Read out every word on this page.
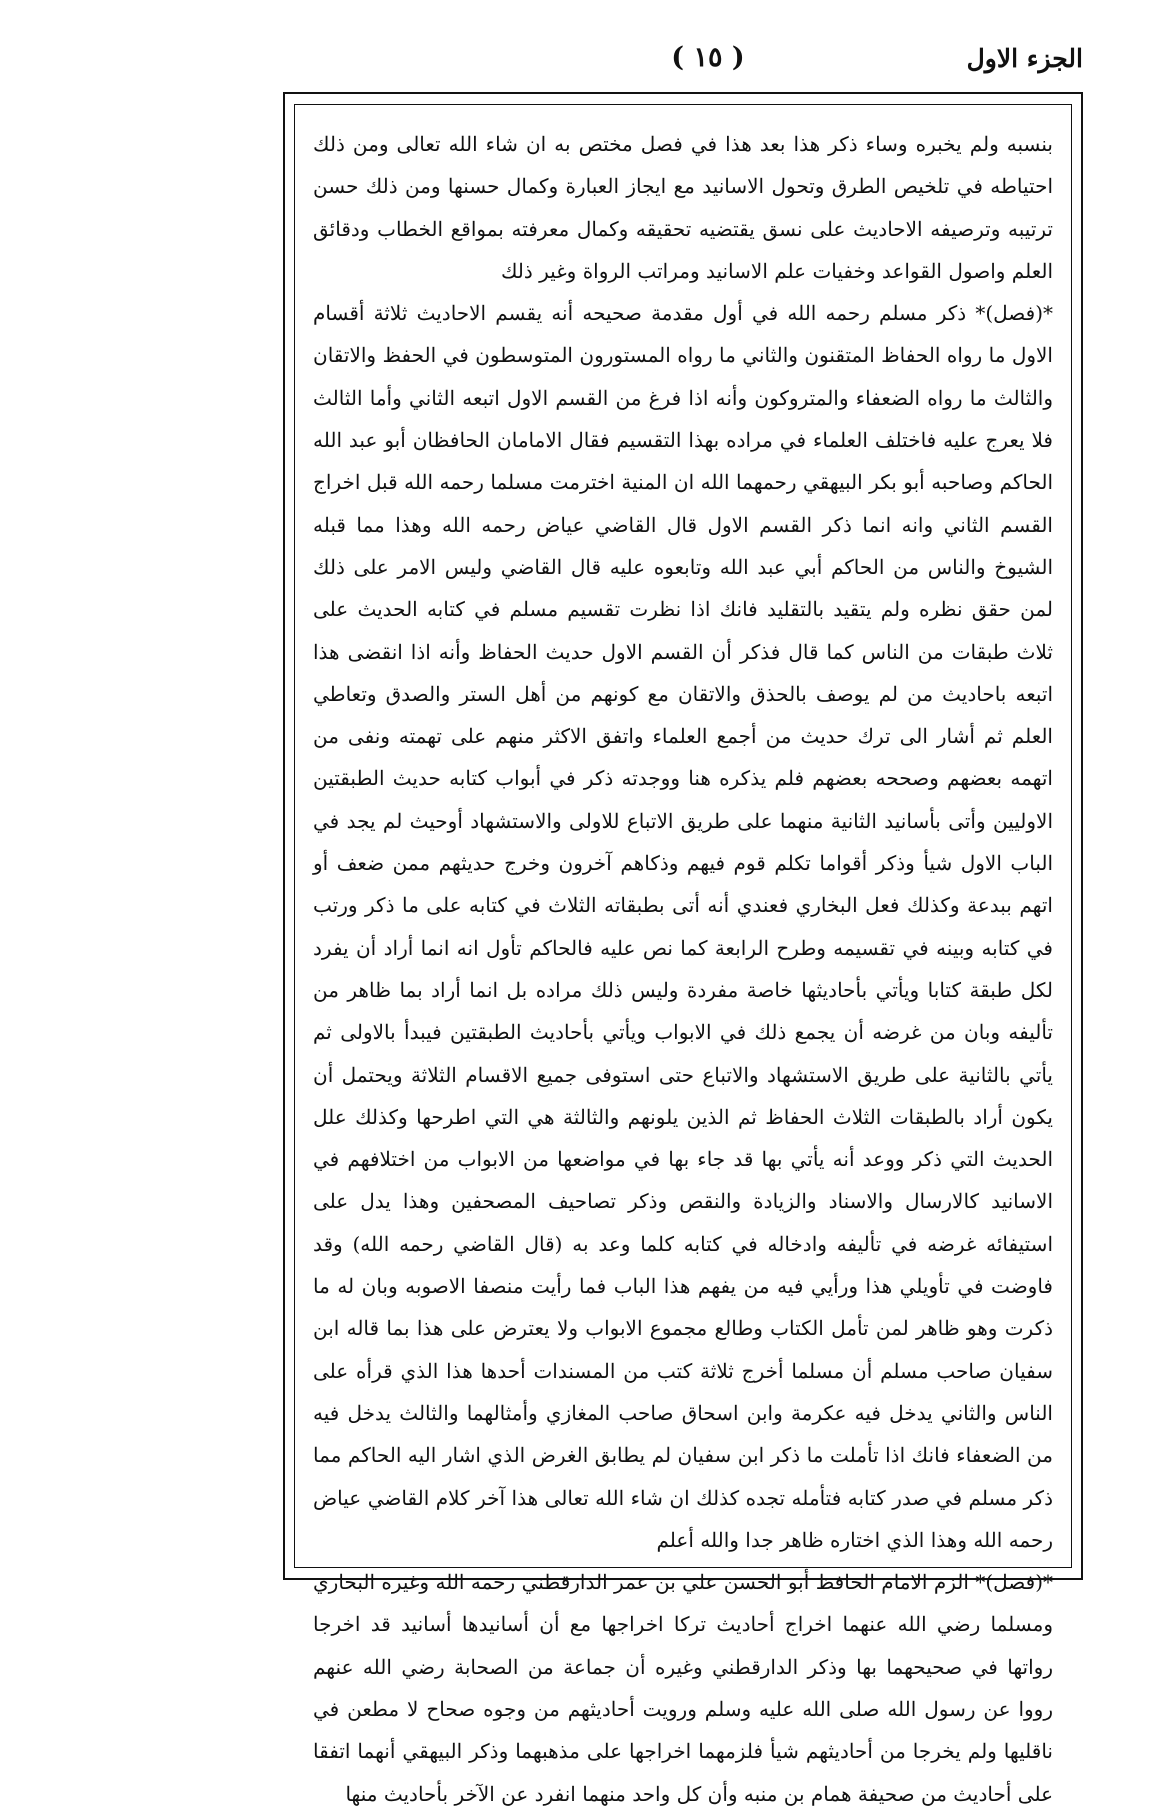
الجزء الاول
( ١٥ )

بنسبه ولم يخبره وساء ذكر هذا بعد هذا في فصل مختص به ان شاء الله تعالى ومن ذلك احتياطه في تلخيص الطرق وتحول الاسانيد مع ايجاز العبارة وكمال حسنها ومن ذلك حسن ترتيبه وترصيفه الاحاديث على نسق يقتضيه تحقيقه وكمال معرفته بمواقع الخطاب ودقائق العلم واصول القواعد وخفيات علم الاسانيد ومراتب الرواة وغير ذلك

*(فصل)* ذكر مسلم رحمه الله في أول مقدمة صحيحه أنه يقسم الاحاديث ثلاثة أقسام الاول ما رواه الحفاظ المتقنون والثاني ما رواه المستورون المتوسطون في الحفظ والاتقان والثالث ما رواه الضعفاء والمتروكون وأنه اذا فرغ من القسم الاول اتبعه الثاني وأما الثالث فلا يعرج عليه فاختلف العلماء في مراده بهذا التقسيم فقال الامامان الحافظان أبو عبد الله الحاكم وصاحبه أبو بكر البيهقي رحمهما الله ان المنية اخترمت مسلما رحمه الله قبل اخراج القسم الثاني وانه انما ذكر القسم الاول قال القاضي عياض رحمه الله وهذا مما قبله الشيوخ والناس من الحاكم أبي عبد الله وتابعوه عليه قال القاضي وليس الامر على ذلك لمن حقق نظره ولم يتقيد بالتقليد فانك اذا نظرت تقسيم مسلم في كتابه الحديث على ثلاث طبقات من الناس كما قال فذكر أن القسم الاول حديث الحفاظ وأنه اذا انقضى هذا اتبعه باحاديث من لم يوصف بالحذق والاتقان مع كونهم من أهل الستر والصدق وتعاطي العلم ثم أشار الى ترك حديث من أجمع العلماء واتفق الاكثر منهم على تهمته ونفى من اتهمه بعضهم وصححه بعضهم فلم يذكره هنا ووجدته ذكر في أبواب كتابه حديث الطبقتين الاوليين وأتى بأسانيد الثانية منهما على طريق الاتباع للاولى والاستشهاد أوحيث لم يجد في الباب الاول شيأ وذكر أقواما تكلم قوم فيهم وذكاهم آخرون وخرج حديثهم ممن ضعف أو اتهم ببدعة وكذلك فعل البخاري فعندي أنه أتى بطبقاته الثلاث في كتابه على ما ذكر ورتب في كتابه وبينه في تقسيمه وطرح الرابعة كما نص عليه فالحاكم تأول انه انما أراد أن يفرد لكل طبقة كتابا ويأتي بأحاديثها خاصة مفردة وليس ذلك مراده بل انما أراد بما ظاهر من تأليفه وبان من غرضه أن يجمع ذلك في الابواب ويأتي بأحاديث الطبقتين فيبدأ بالاولى ثم يأتي بالثانية على طريق الاستشهاد والاتباع حتى استوفى جميع الاقسام الثلاثة ويحتمل أن يكون أراد بالطبقات الثلاث الحفاظ ثم الذين يلونهم والثالثة هي التي اطرحها وكذلك علل الحديث التي ذكر ووعد أنه يأتي بها قد جاء بها في مواضعها من الابواب من اختلافهم في الاسانيد كالارسال والاسناد والزيادة والنقص وذكر تصاحيف المصحفين وهذا يدل على استيفائه غرضه في تأليفه وادخاله في كتابه كلما وعد به (قال القاضي رحمه الله) وقد فاوضت في تأويلي هذا ورأيي فيه من يفهم هذا الباب فما رأيت منصفا الاصوبه وبان له ما ذكرت وهو ظاهر لمن تأمل الكتاب وطالع مجموع الابواب ولا يعترض على هذا بما قاله ابن سفيان صاحب مسلم أن مسلما أخرج ثلاثة كتب من المسندات أحدها هذا الذي قرأه على الناس والثاني يدخل فيه عكرمة وابن اسحاق صاحب المغازي وأمثالهما والثالث يدخل فيه من الضعفاء فانك اذا تأملت ما ذكر ابن سفيان لم يطابق الغرض الذي اشار اليه الحاكم مما ذكر مسلم في صدر كتابه فتأمله تجده كذلك ان شاء الله تعالى هذا آخر كلام القاضي عياض رحمه الله وهذا الذي اختاره ظاهر جدا والله أعلم

*(فصل)* الزم الامام الحافظ أبو الحسن علي بن عمر الدارقطني رحمه الله وغيره البخاري ومسلما رضي الله عنهما اخراج أحاديث تركا اخراجها مع أن أسانيدها أسانيد قد اخرجا رواتها في صحيحهما بها وذكر الدارقطني وغيره أن جماعة من الصحابة رضي الله عنهم رووا عن رسول الله صلى الله عليه وسلم ورويت أحاديثهم من وجوه صحاح لا مطعن في ناقليها ولم يخرجا من أحاديثهم شيأ فلزمهما اخراجها على مذهبهما وذكر البيهقي أنهما اتفقا على أحاديث من صحيفة همام بن منبه وأن كل واحد منهما انفرد عن الآخر بأحاديث منها
